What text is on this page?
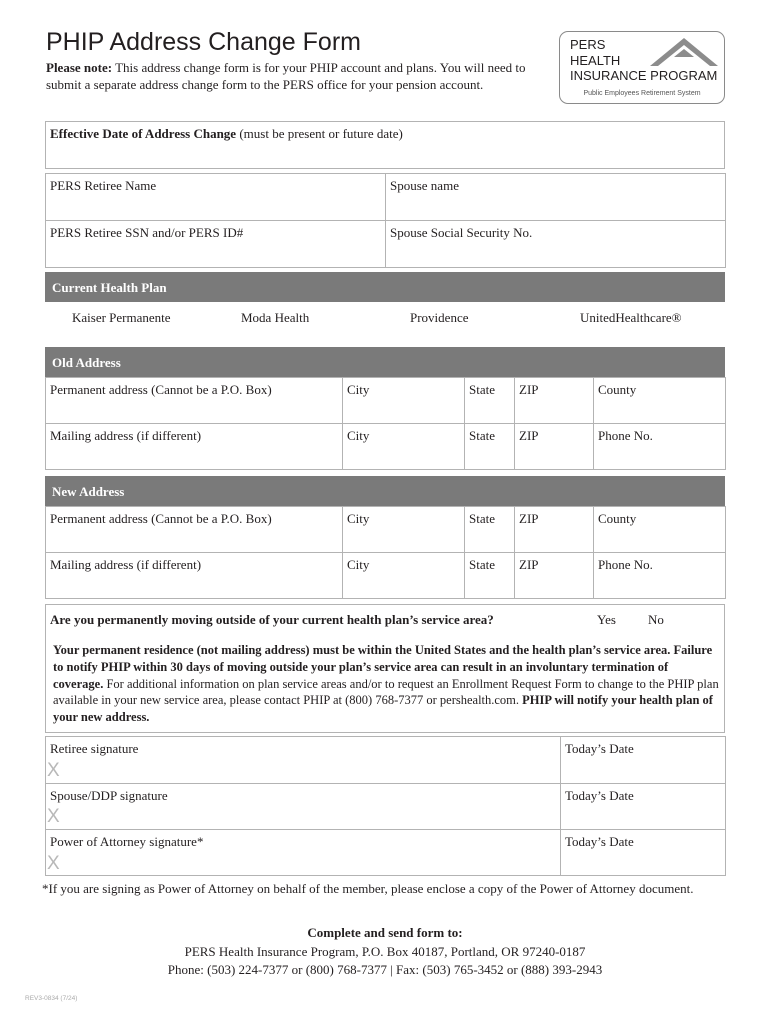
PHIP Address Change Form
Please note: This address change form is for your PHIP account and plans. You will need to submit a separate address change form to the PERS office for your pension account.
PERS
HEALTH
INSURANCE PROGRAM
Public Employees Retirement System
Effective Date of Address Change (must be present or future date)
PERS Retiree Name	Spouse name
PERS Retiree SSN and/or PERS ID#	Spouse Social Security No.
Current Health Plan
Kaiser Permanente	Moda Health	Providence	UnitedHealthcare®
Old Address
Permanent address (Cannot be a P.O. Box)	City	State	ZIP	County
Mailing address (if different)	City	State	ZIP	Phone No.
New Address
Permanent address (Cannot be a P.O. Box)	City	State	ZIP	County
Mailing address (if different)	City	State	ZIP	Phone No.
Are you permanently moving outside of your current health plan’s service area?	Yes No
Your permanent residence (not mailing address) must be within the United States and the health plan’s service area. Failure to notify PHIP within 30 days of moving outside your plan’s service area can result in an involuntary termination of coverage. For additional information on plan service areas and/or to request an Enrollment Request Form to change to the PHIP plan available in your new service area, please contact PHIP at (800) 768-7377 or pershealth.com. PHIP will notify your health plan of your new address.
Retiree signature	Today’s Date
Spouse/DDP signature	Today’s Date
Power of Attorney signature*	Today’s Date
X
X
X
*If you are signing as Power of Attorney on behalf of the member, please enclose a copy of the Power of Attorney document.
Complete and send form to:
PERS Health Insurance Program, P.O. Box 40187, Portland, OR 97240-0187
Phone: (503) 224-7377 or (800) 768-7377 | Fax: (503) 765-3452 or (888) 393-2943
REV3-0834 (7/24)
